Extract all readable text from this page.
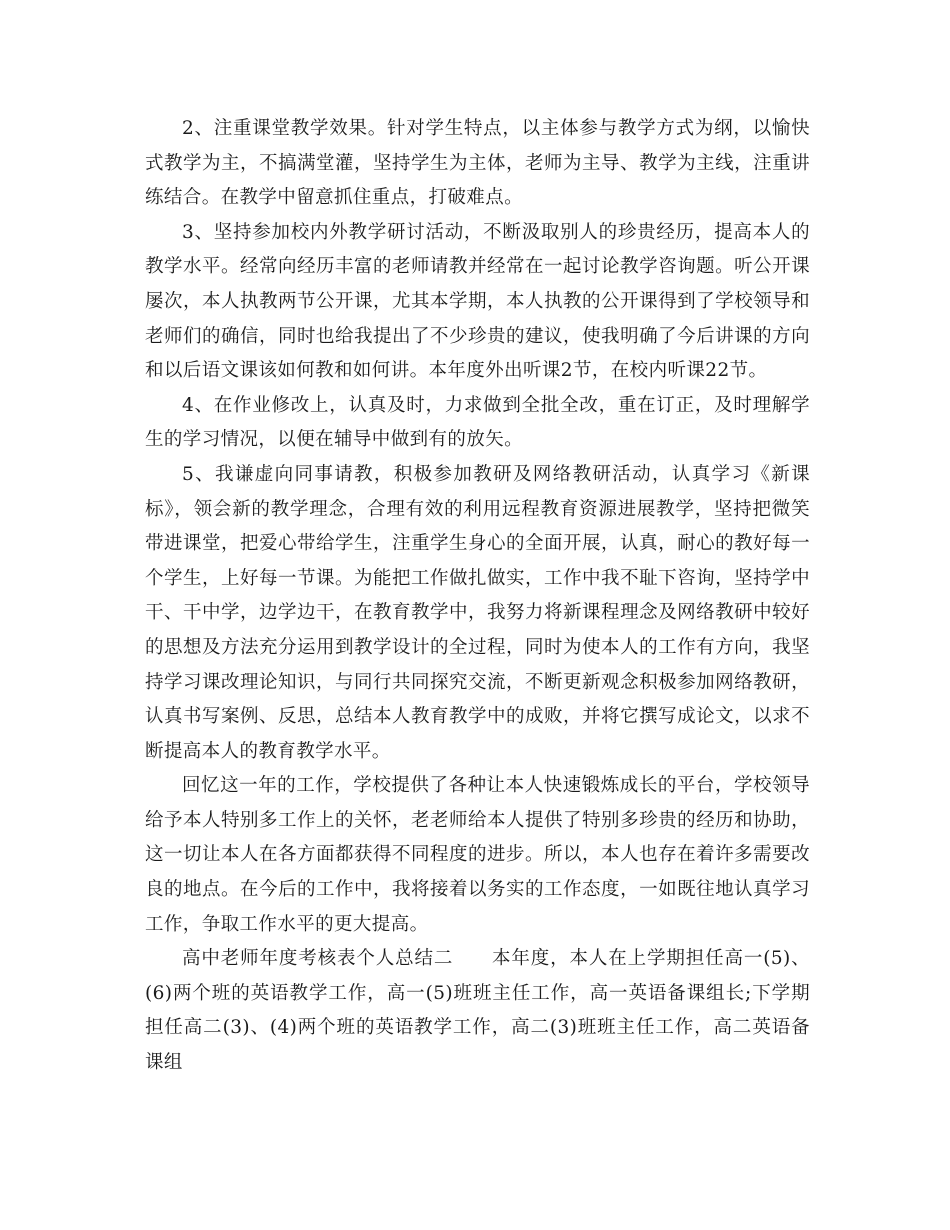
2、注重课堂教学效果。针对学生特点，以主体参与教学方式为纲，以愉快式教学为主，不搞满堂灌，坚持学生为主体，老师为主导、教学为主线，注重讲练结合。在教学中留意抓住重点，打破难点。

3、坚持参加校内外教学研讨活动，不断汲取别人的珍贵经历，提高本人的教学水平。经常向经历丰富的老师请教并经常在一起讨论教学咨询题。听公开课屡次，本人执教两节公开课，尤其本学期，本人执教的公开课得到了学校领导和老师们的确信，同时也给我提出了不少珍贵的建议，使我明确了今后讲课的方向和以后语文课该如何教和如何讲。本年度外出听课2节，在校内听课22节。

4、在作业修改上，认真及时，力求做到全批全改，重在订正，及时理解学生的学习情况，以便在辅导中做到有的放矢。

5、我谦虚向同事请教，积极参加教研及网络教研活动，认真学习《新课标》，领会新的教学理念，合理有效的利用远程教育资源进展教学，坚持把微笑带进课堂，把爱心带给学生，注重学生身心的全面开展，认真，耐心的教好每一个学生，上好每一节课。为能把工作做扎做实，工作中我不耻下咨询，坚持学中干、干中学，边学边干，在教育教学中，我努力将新课程理念及网络教研中较好的思想及方法充分运用到教学设计的全过程，同时为使本人的工作有方向，我坚持学习课改理论知识，与同行共同探究交流，不断更新观念积极参加网络教研，认真书写案例、反思，总结本人教育教学中的成败，并将它撰写成论文，以求不断提高本人的教育教学水平。

回忆这一年的工作，学校提供了各种让本人快速锻炼成长的平台，学校领导给予本人特别多工作上的关怀，老老师给本人提供了特别多珍贵的经历和协助，这一切让本人在各方面都获得不同程度的进步。所以，本人也存在着许多需要改良的地点。在今后的工作中，我将接着以务实的工作态度，一如既往地认真学习工作，争取工作水平的更大提高。

高中老师年度考核表个人总结二　　本年度，本人在上学期担任高一(5)、(6)两个班的英语教学工作，高一(5)班班主任工作，高一英语备课组长;下学期担任高二(3)、(4)两个班的英语教学工作，高二(3)班班主任工作，高二英语备课组
